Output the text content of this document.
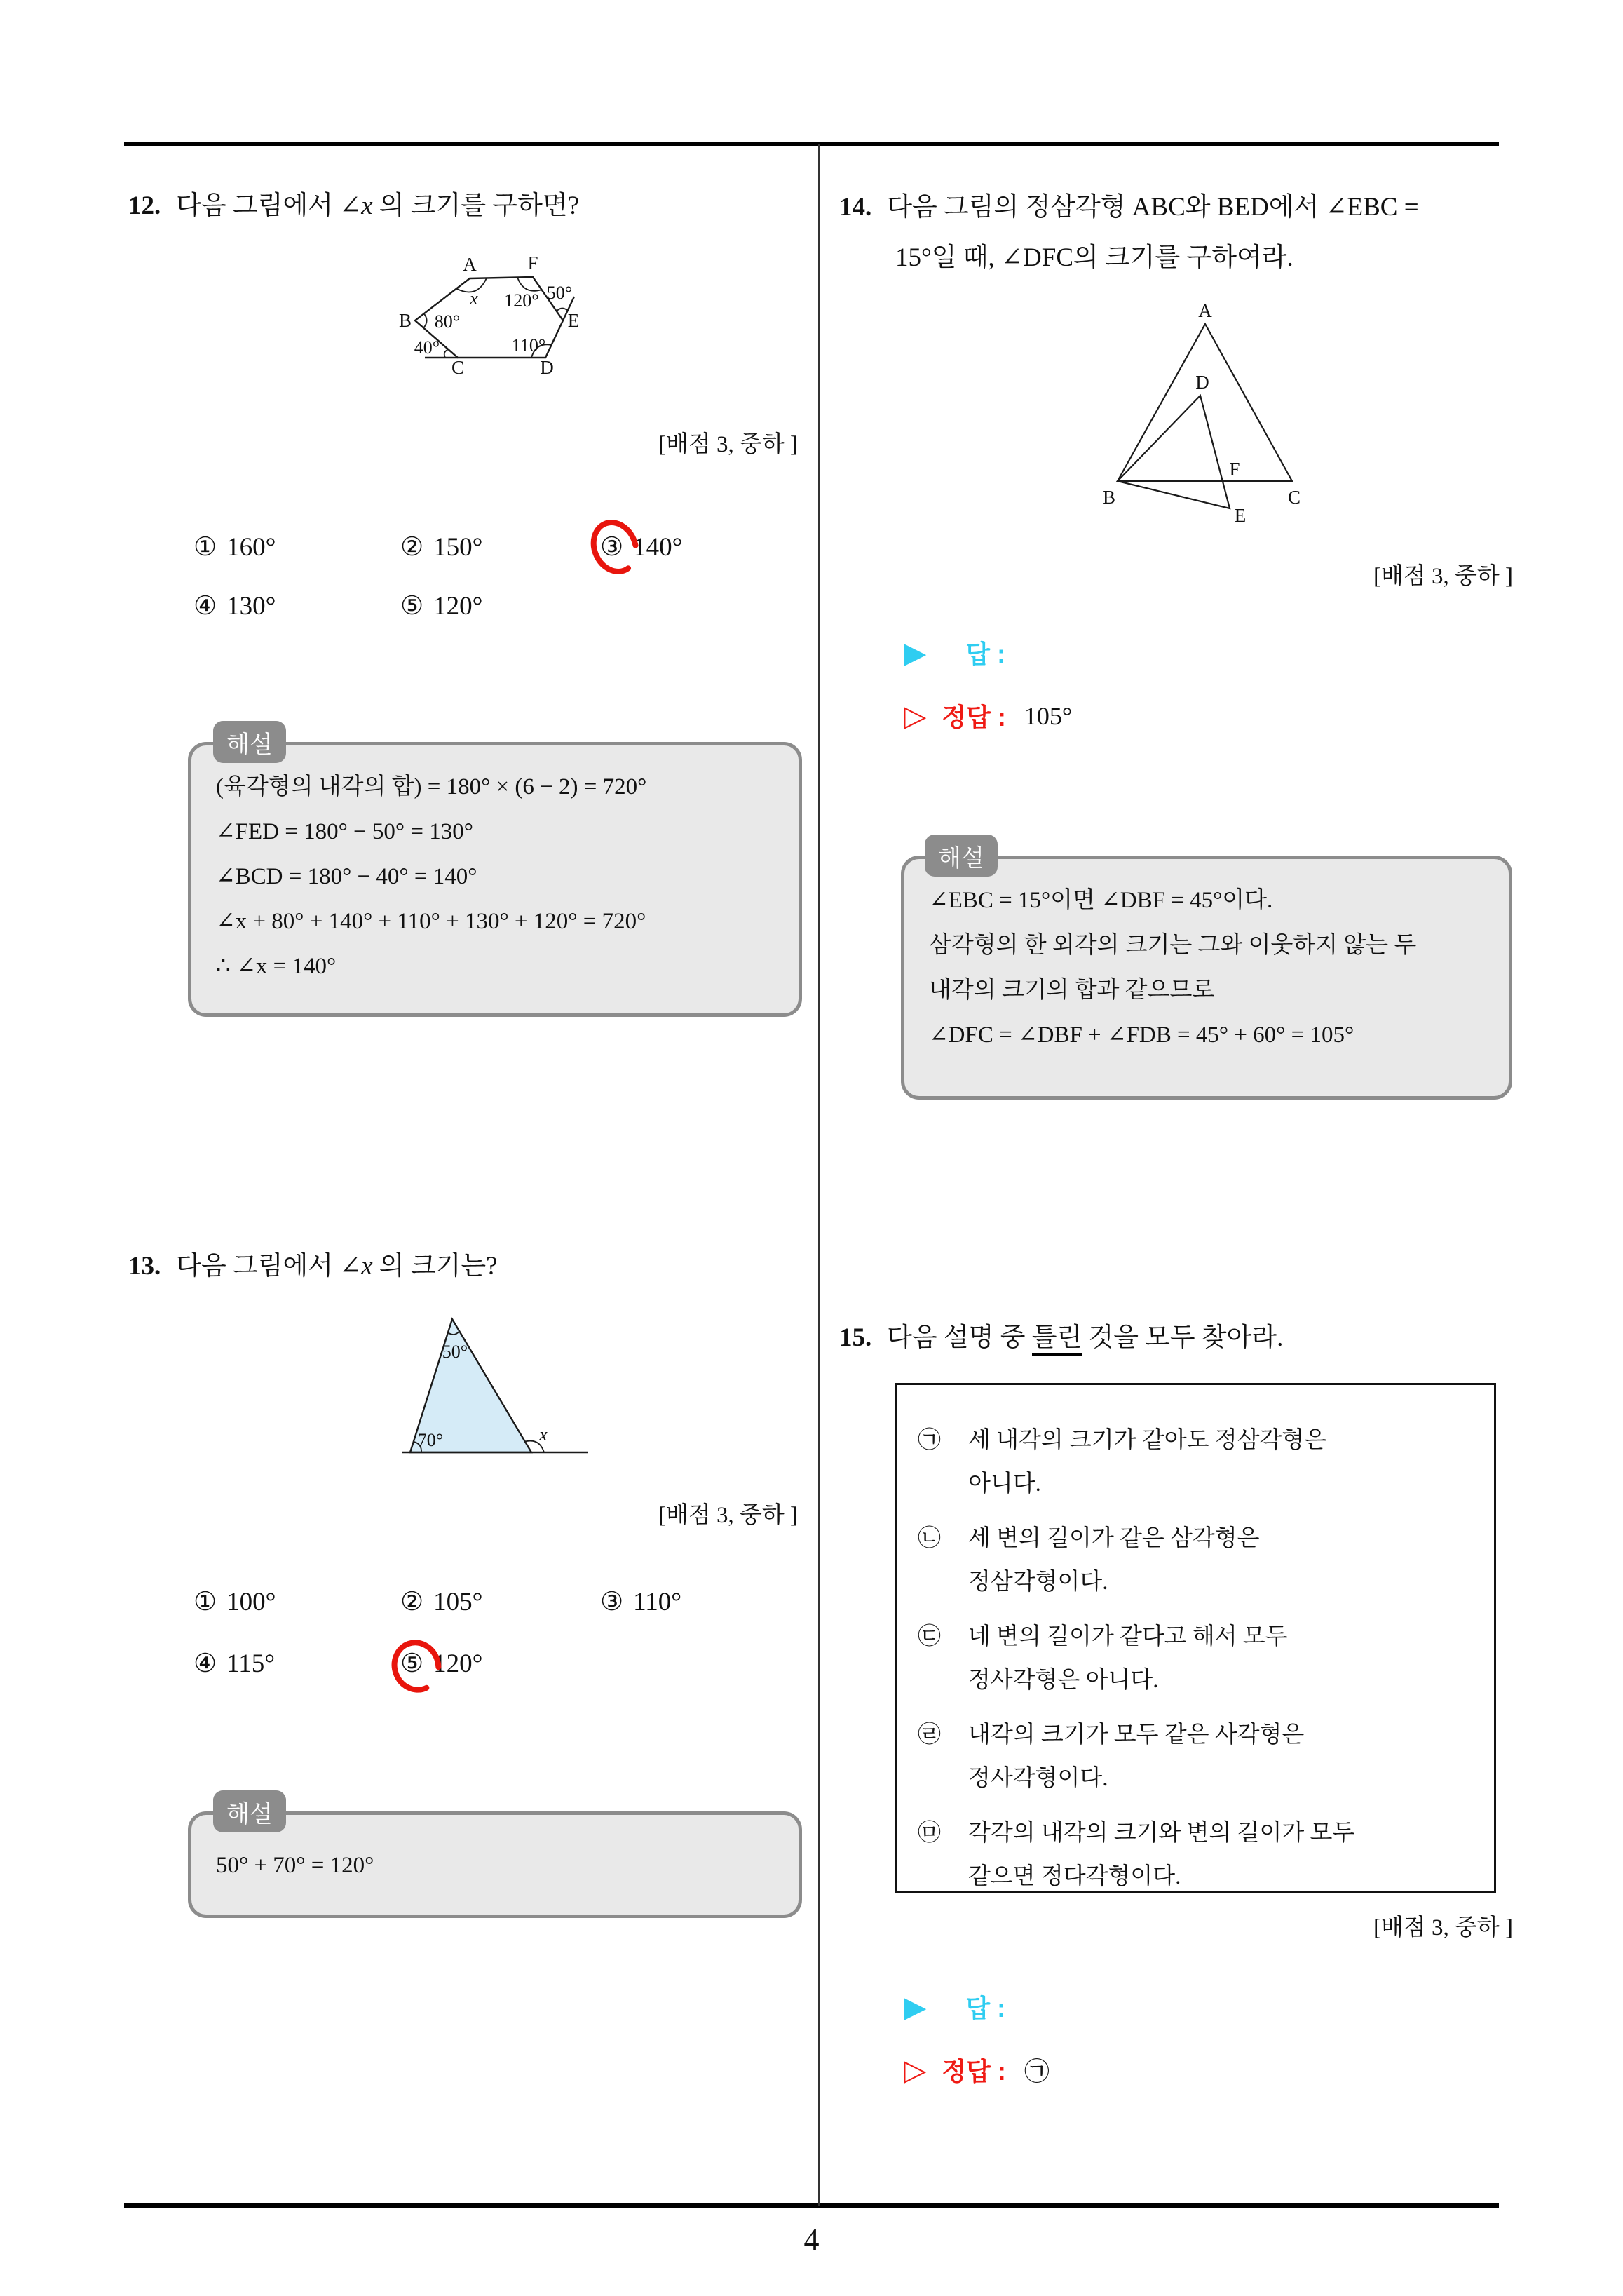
4
12. 다음 그림에서 ∠x 의 크기를 구하면?
A	F
B	E
C	D
x 120° 50°
80°
40°	110°
[배점 3, 중하 ]
① 160°	② 150°	③ 140°
④ 130°	⑤ 120°
해설
(육각형의 내각의 합) = 180° × (6 − 2) = 720°
∠FED = 180° − 50° = 130°
∠BCD = 180° − 40° = 140°
∠x + 80° + 140° + 110° + 130° + 120° = 720°
∴ ∠x = 140°
13. 다음 그림에서 ∠x 의 크기는?
50°
70°	x
[배점 3, 중하 ]
① 100°	② 105°	③ 110°
④ 115°	⑤ 120°
해설
50° + 70° = 120°
14. 다음 그림의 정삼각형 ABC와 BED에서 ∠EBC =
15°일 때, ∠DFC의 크기를 구하여라.
A
B	C
D
E
F
[배점 3, 중하 ]
▶ 답 :
▷ 정답 : 105°
해설
∠EBC = 15°이면 ∠DBF = 45°이다.
삼각형의 한 외각의 크기는 그와 이웃하지 않는 두
내각의 크기의 합과 같으므로
∠DFC = ∠DBF + ∠FDB = 45° + 60° = 105°
15. 다음 설명 중 틀린 것을 모두 찾아라.
㉠	세 내각의 크기가 같아도 정삼각형은
아니다.
㉡	세 변의 길이가 같은 삼각형은
정삼각형이다.
㉢	네 변의 길이가 같다고 해서 모두
정사각형은 아니다.
㉣	내각의 크기가 모두 같은 사각형은
정사각형이다.
㉤	각각의 내각의 크기와 변의 길이가 모두
같으면 정다각형이다.
[배점 3, 중하 ]
▶ 답 :
▷ 정답 : ㉠
